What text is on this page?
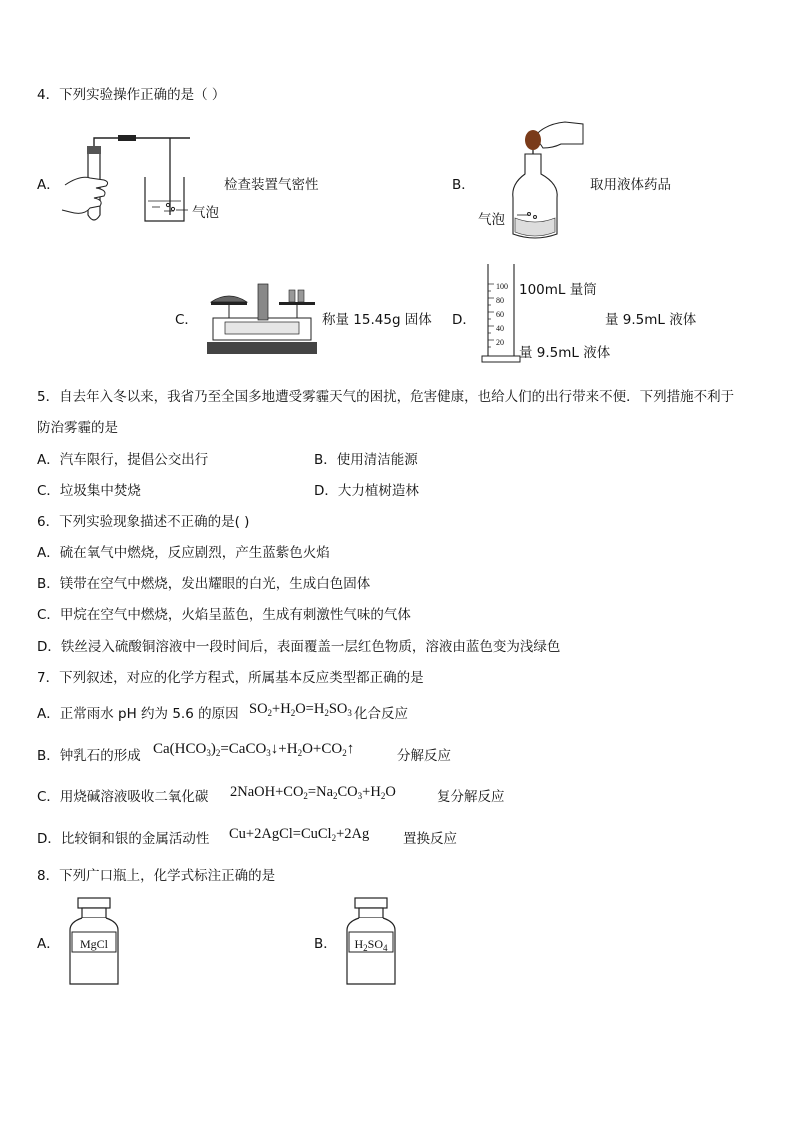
4．下列实验操作正确的是（ ）
A．	检查装置气密性
气泡
B．
气泡
取用液体药品
C．	称量 15.45g 固体 D．
100
80
60
40
20
100mL 量筒
量 9.5mL 液体
量 9.5mL 液体
5．自去年入冬以来，我省乃至全国多地遭受雾霾天气的困扰，危害健康，也给人们的出行带来不便．下列措施不利于
防治雾霾的是
A．汽车限行，提倡公交出行	B．使用清洁能源
C．垃圾集中焚烧	D．大力植树造林
6．下列实验现象描述不正确的是( )
A．硫在氧气中燃烧，反应剧烈，产生蓝紫色火焰
B．镁带在空气中燃烧，发出耀眼的白光，生成白色固体
C．甲烷在空气中燃烧，火焰呈蓝色，生成有刺激性气味的气体
D．铁丝浸入硫酸铜溶液中一段时间后，表面覆盖一层红色物质，溶液由蓝色变为浅绿色
7．下列叙述，对应的化学方程式，所属基本反应类型都正确的是
A．正常雨水 pH 约为 5.6 的原因 $SO_2+H_2O=H_2SO_3$ 化合反应
B．钟乳石的形成 $Ca(HCO_3)_2=CaCO_3↓+H_2O+CO_2↑$	分解反应
C．用烧碱溶液吸收二氧化碳 $2NaOH+CO_2=Na_2CO_3+H_2O$	复分解反应
D．比较铜和银的金属活动性 Cu+2AgCl=CuCl$_2$+2Ag	置换反应
8．下列广口瓶上，化学式标注正确的是
A．	MgCl	B．	$H_2SO_4$
